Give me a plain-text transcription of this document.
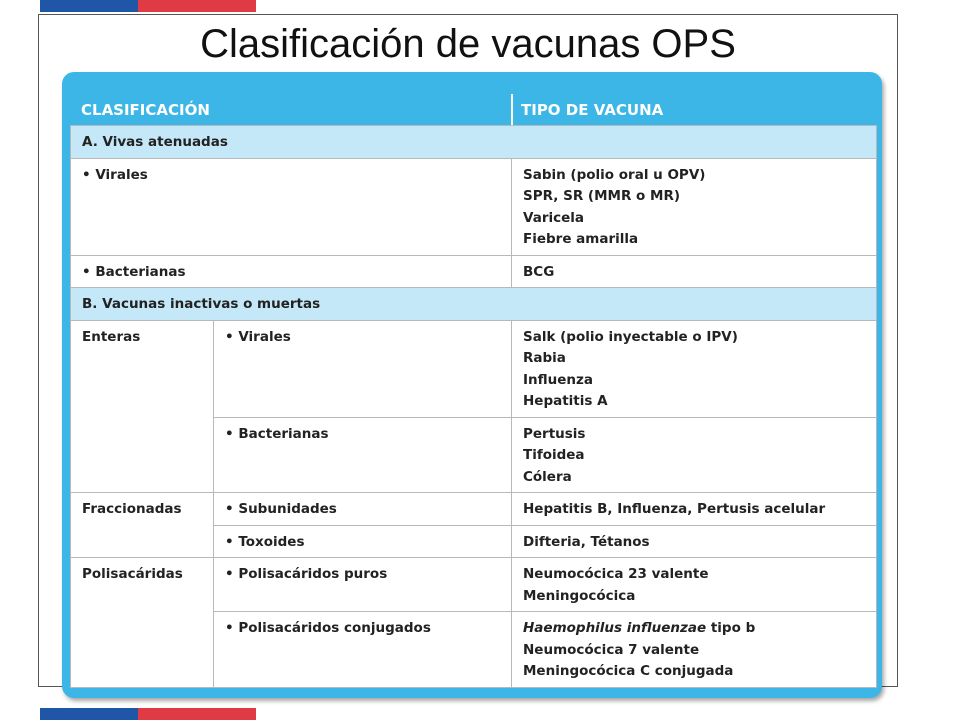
Clasificación de vacunas OPS
CLASIFICACIÓN	TIPO DE VACUNA
A. Vivas atenuadas		
• Virales		Sabin (polio oral u OPV)
SPR, SR (MMR o MR)
Varicela
Fiebre amarilla

• Bacterianas		BCG

B. Vacunas inactivas o muertas		
Enteras	• Virales	Salk (polio inyectable o IPV)
Rabia
Influenza
Hepatitis A

	• Bacterianas	Pertusis
Tifoidea
Cólera

Fraccionadas	• Subunidades	Hepatitis B, Influenza, Pertusis acelular

	• Toxoides	Difteria, Tétanos

Polisacáridas	• Polisacáridos puros	Neumocócica 23 valente
Meningocócica

	• Polisacáridos conjugados	Haemophilus influenzae tipo b
Neumocócica 7 valente
Meningocócica C conjugada
